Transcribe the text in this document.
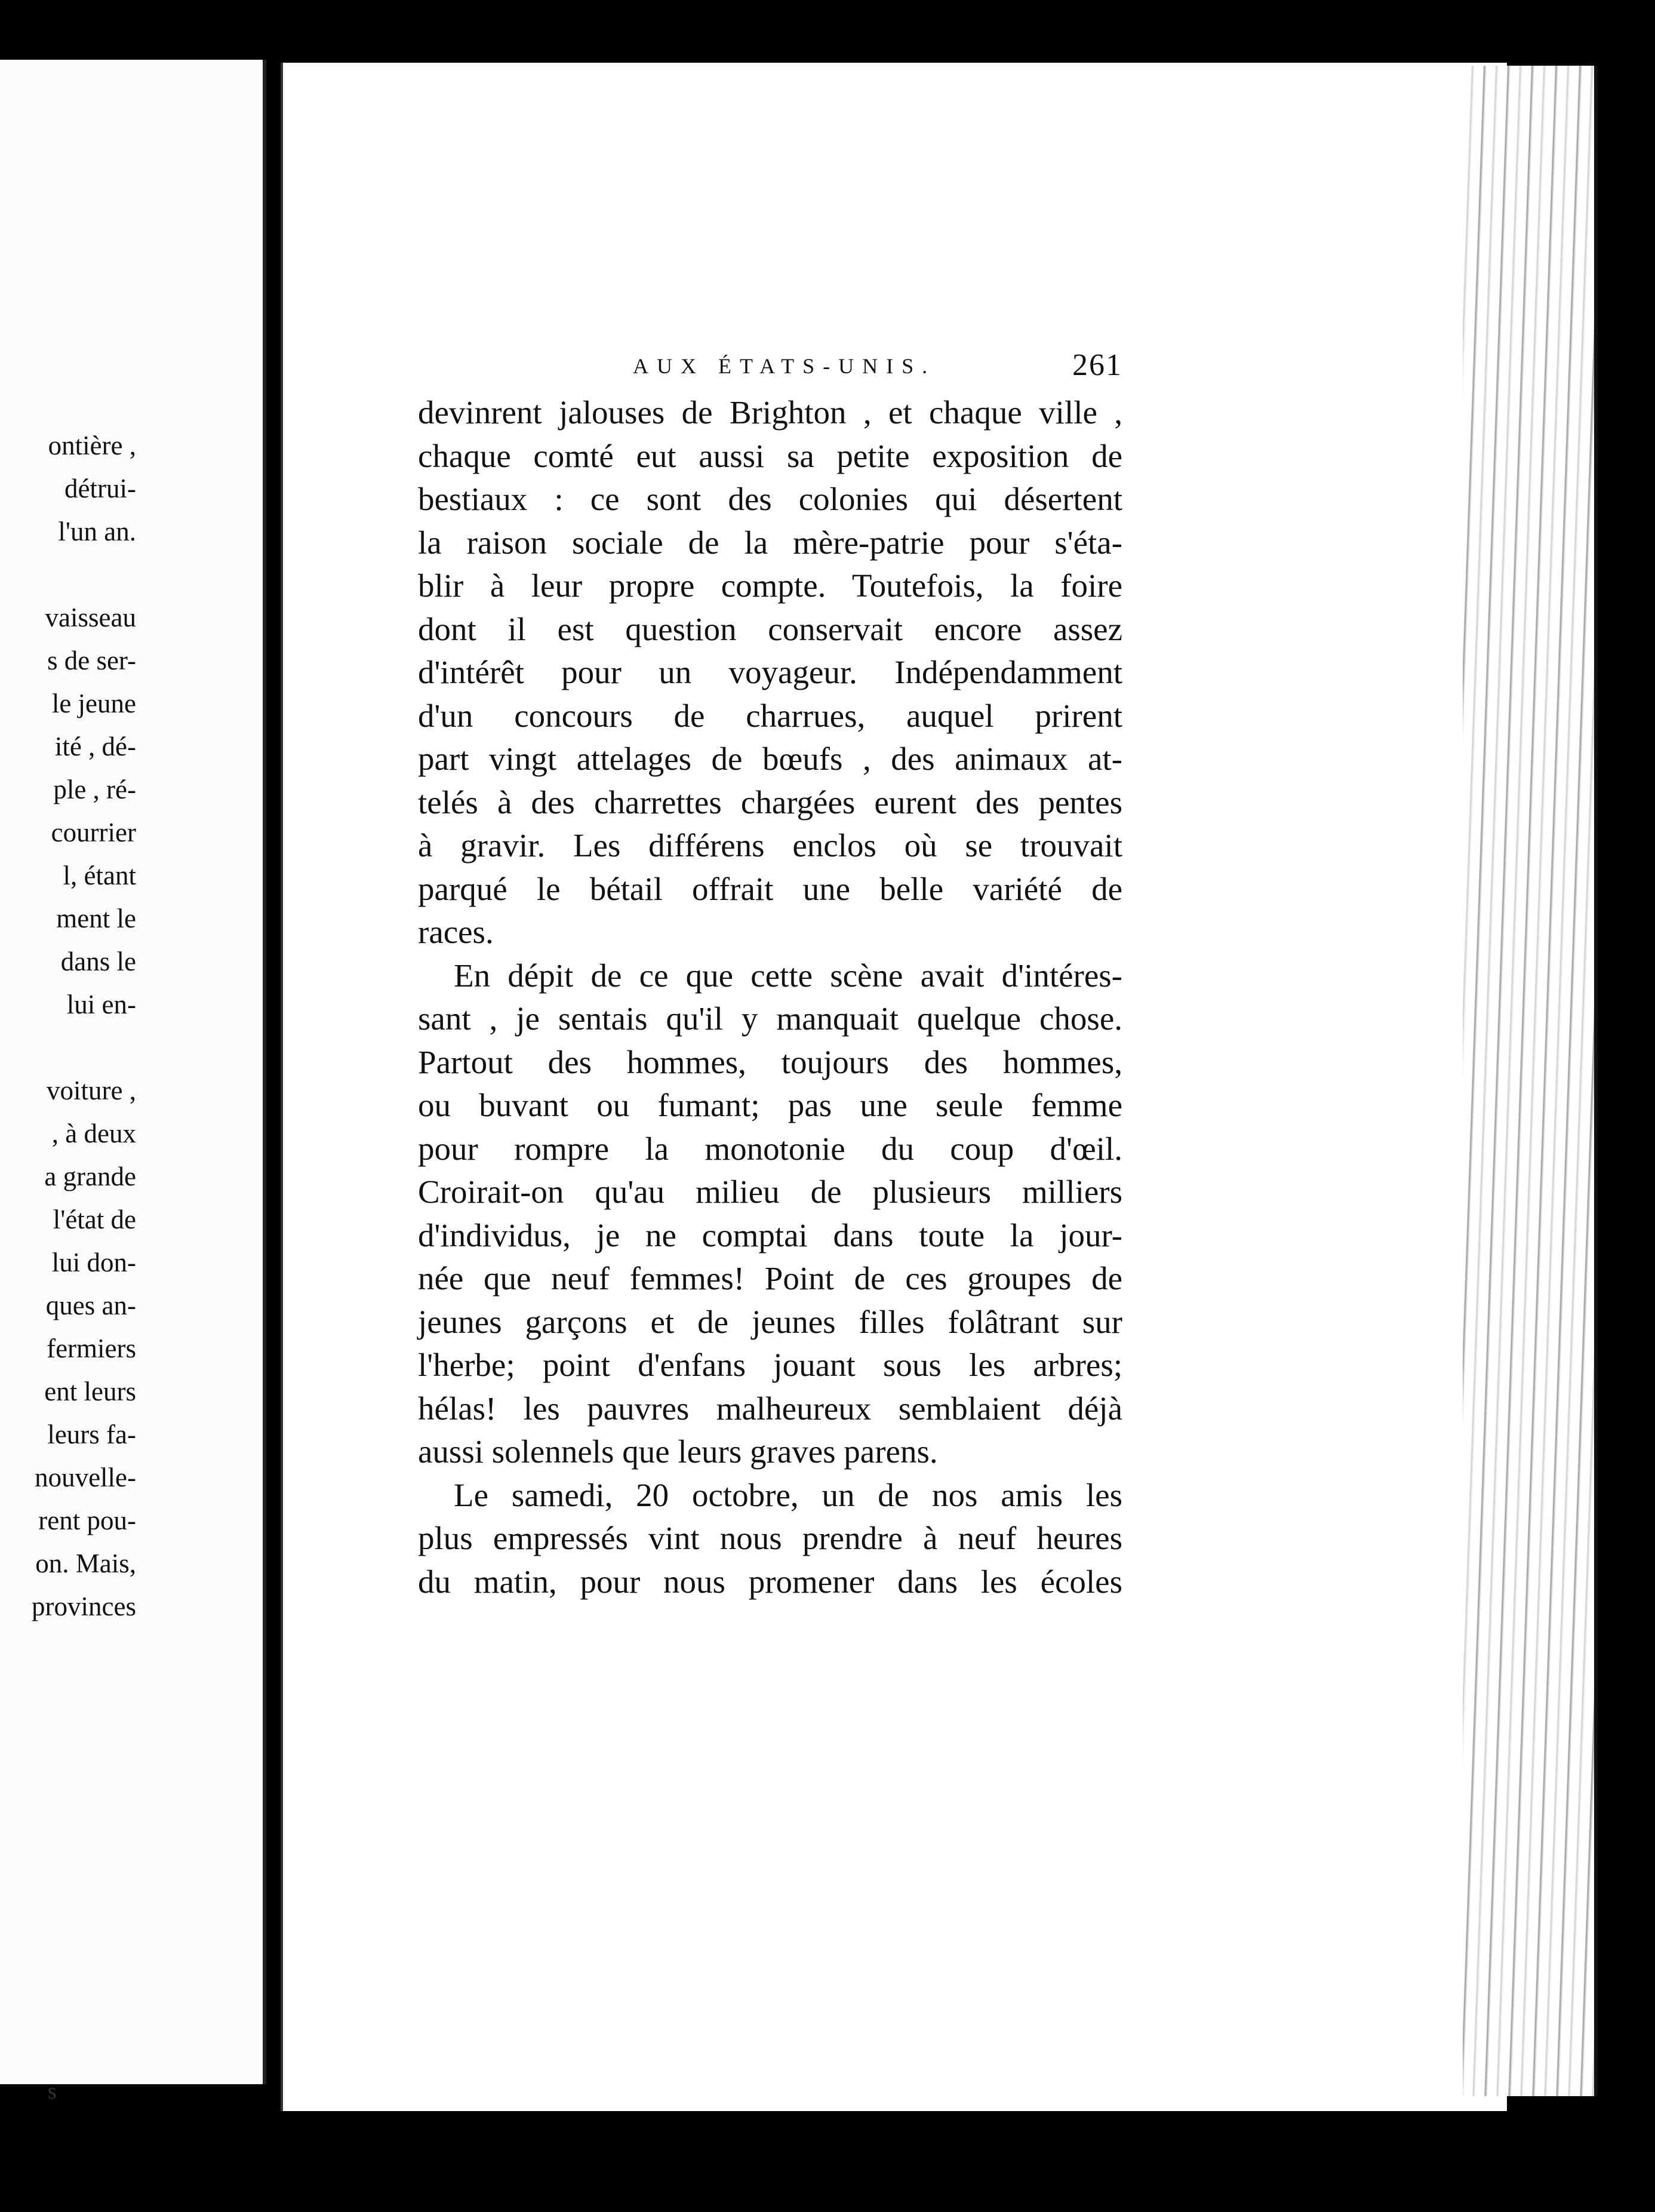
ontière ,
détrui-
l'un an.
vaisseau
s de ser-
le jeune
ité , dé-
ple , ré-
courrier
l, étant
ment le
dans le
lui en-
voiture ,
, à deux
a grande
l'état de
lui don-
ques an-
fermiers
ent leurs
leurs fa-
nouvelle-
rent pou-
on. Mais,
provinces
s
AUX ÉTATS-UNIS.	261
devinrent jalouses de Brighton , et chaque ville ,
chaque comté eut aussi sa petite exposition de
bestiaux : ce sont des colonies qui désertent
la raison sociale de la mère-patrie pour s'éta-
blir à leur propre compte. Toutefois, la foire
dont il est question conservait encore assez
d'intérêt pour un voyageur. Indépendamment
d'un concours de charrues, auquel prirent
part vingt attelages de bœufs , des animaux at-
telés à des charrettes chargées eurent des pentes
à gravir. Les différens enclos où se trouvait
parqué le bétail offrait une belle variété de
races.
En dépit de ce que cette scène avait d'intéres-
sant , je sentais qu'il y manquait quelque chose.
Partout des hommes, toujours des hommes,
ou buvant ou fumant; pas une seule femme
pour rompre la monotonie du coup d'œil.
Croirait-on qu'au milieu de plusieurs milliers
d'individus, je ne comptai dans toute la jour-
née que neuf femmes! Point de ces groupes de
jeunes garçons et de jeunes filles folâtrant sur
l'herbe; point d'enfans jouant sous les arbres;
hélas! les pauvres malheureux semblaient déjà
aussi solennels que leurs graves parens.
Le samedi, 20 octobre, un de nos amis les
plus empressés vint nous prendre à neuf heures
du matin, pour nous promener dans les écoles
